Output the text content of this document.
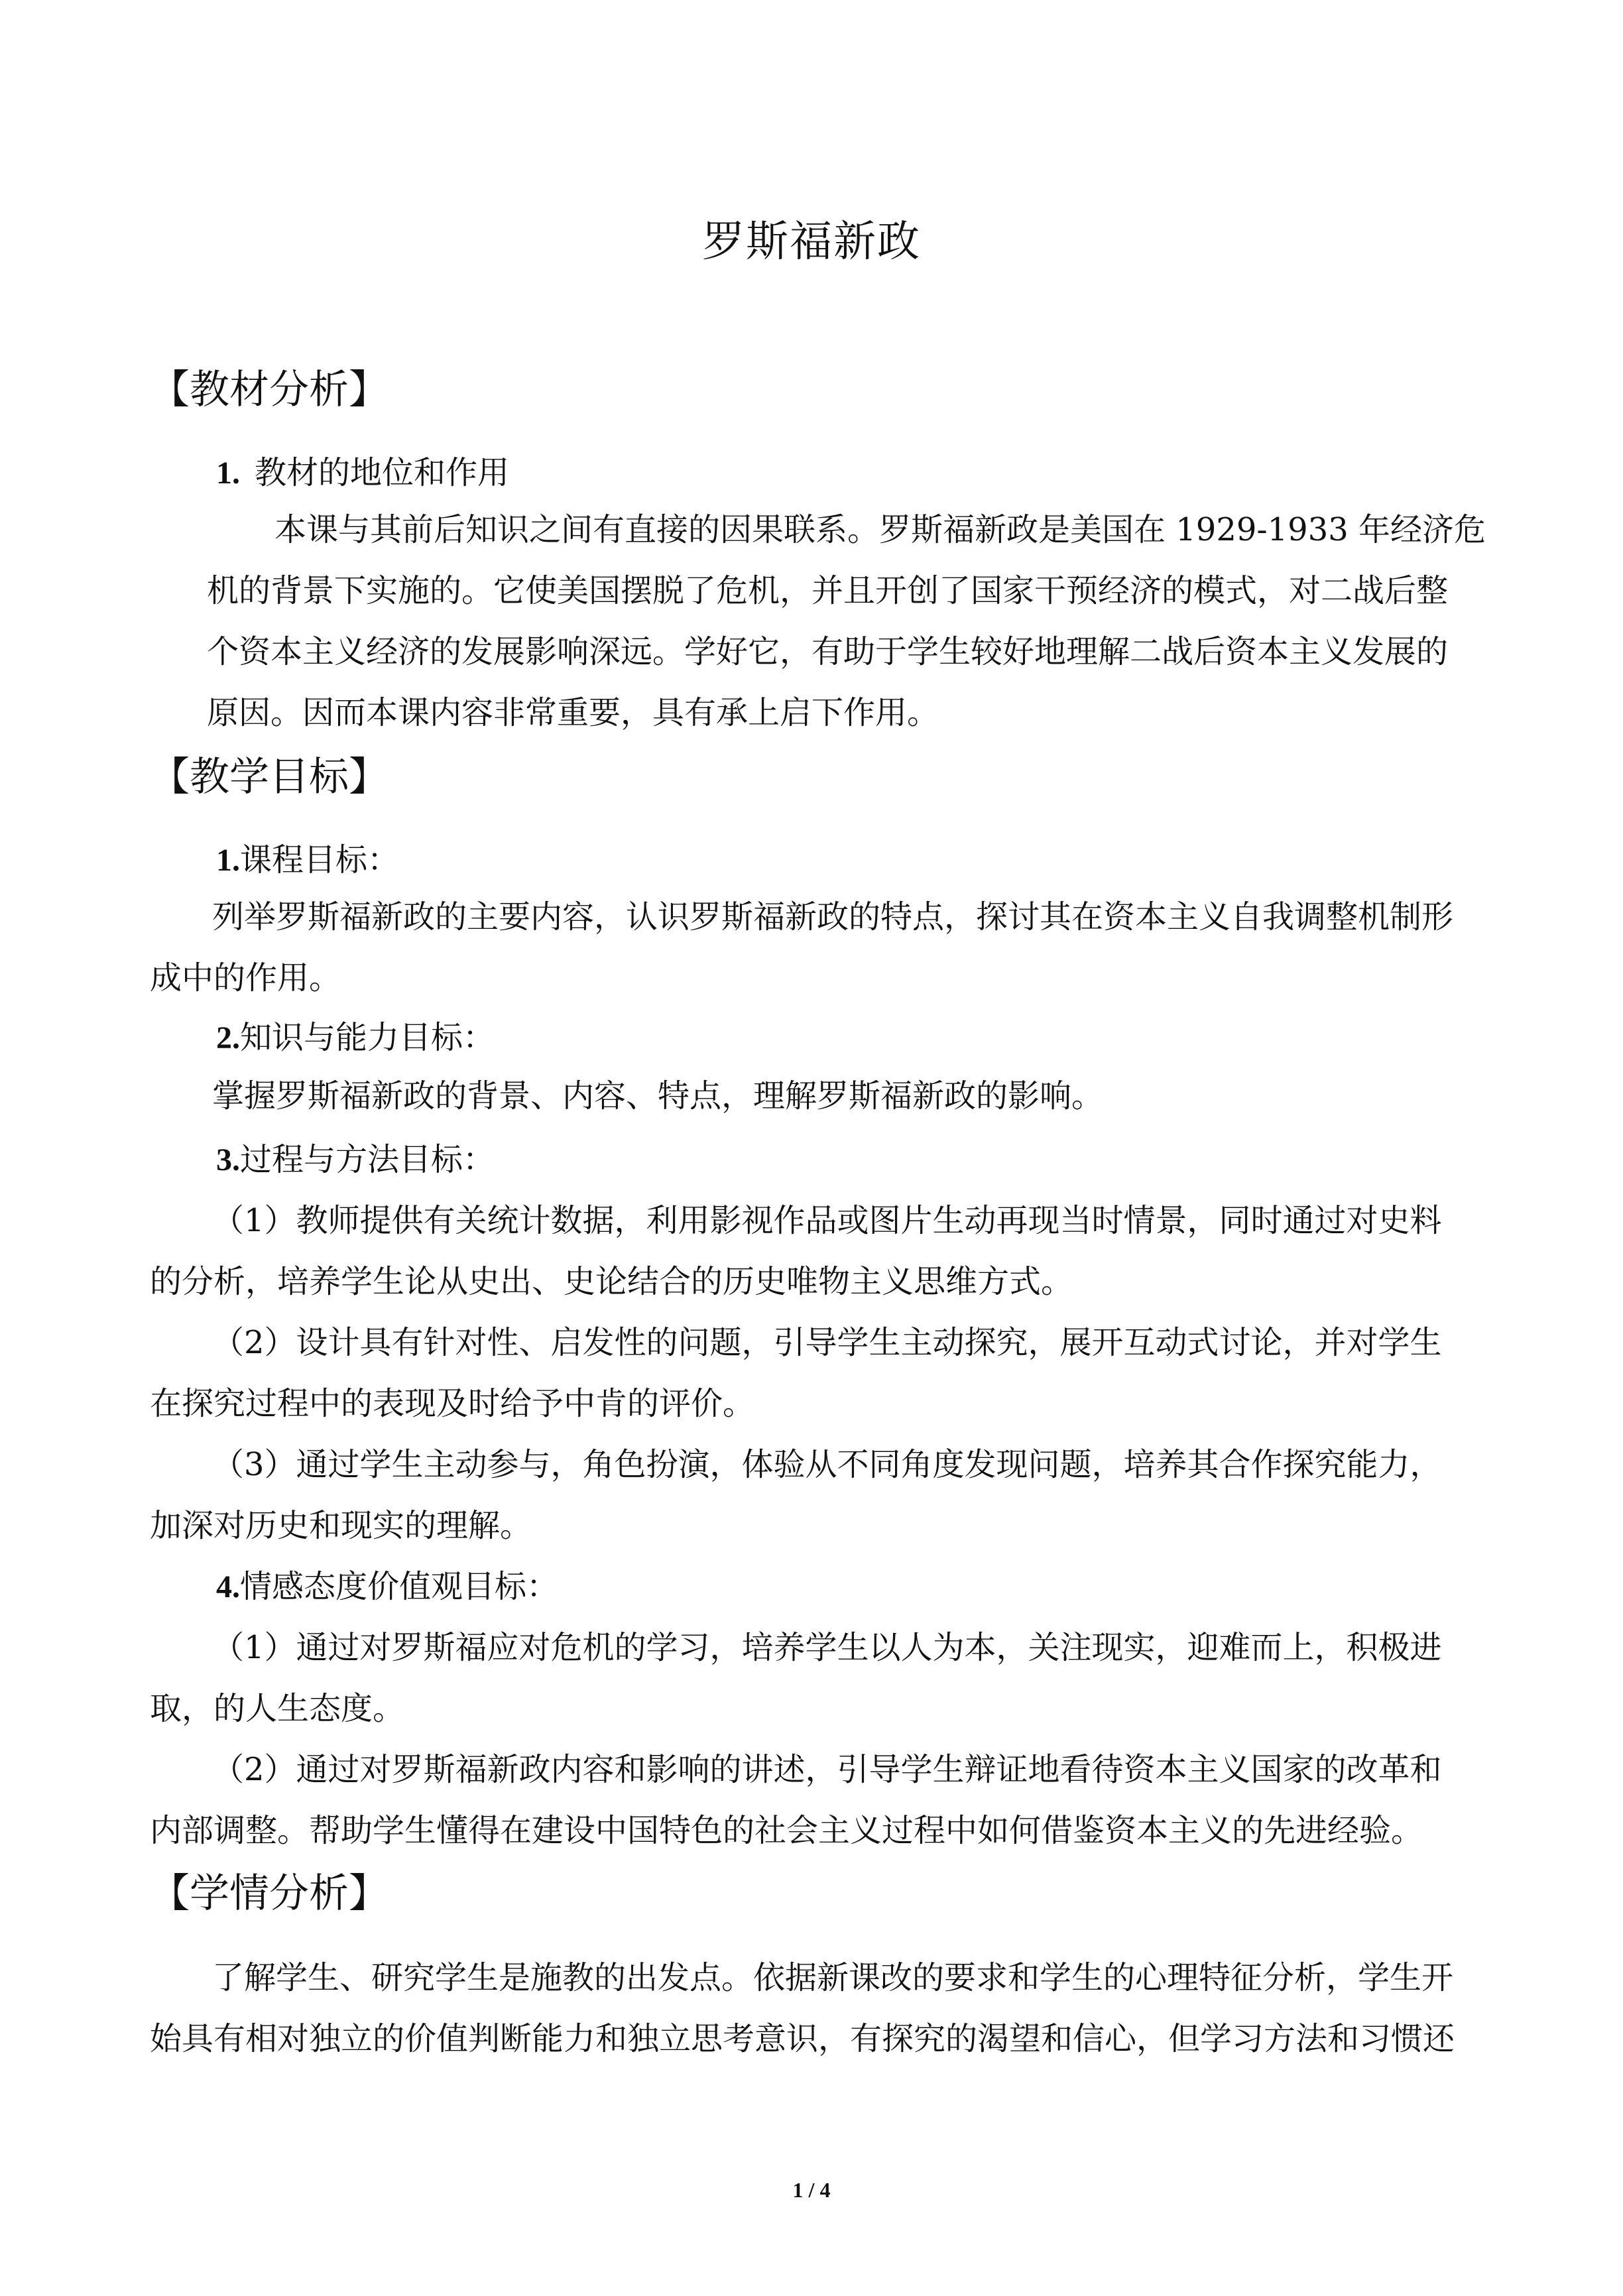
罗斯福新政
【教材分析】
1. 教材的地位和作用
本课与其前后知识之间有直接的因果联系。罗斯福新政是美国在 1929-1933 年经济危
机的背景下实施的。它使美国摆脱了危机，并且开创了国家干预经济的模式，对二战后整
个资本主义经济的发展影响深远。学好它，有助于学生较好地理解二战后资本主义发展的
原因。因而本课内容非常重要，具有承上启下作用。
【教学目标】
1.课程目标：
列举罗斯福新政的主要内容，认识罗斯福新政的特点，探讨其在资本主义自我调整机制形
成中的作用。
2.知识与能力目标：
掌握罗斯福新政的背景、内容、特点，理解罗斯福新政的影响。
3.过程与方法目标：
（1）教师提供有关统计数据，利用影视作品或图片生动再现当时情景，同时通过对史料
的分析，培养学生论从史出、史论结合的历史唯物主义思维方式。
（2）设计具有针对性、启发性的问题，引导学生主动探究，展开互动式讨论，并对学生
在探究过程中的表现及时给予中肯的评价。
（3）通过学生主动参与，角色扮演，体验从不同角度发现问题，培养其合作探究能力，
加深对历史和现实的理解。
4.情感态度价值观目标：
（1）通过对罗斯福应对危机的学习，培养学生以人为本，关注现实，迎难而上，积极进
取，的人生态度。
（2）通过对罗斯福新政内容和影响的讲述，引导学生辩证地看待资本主义国家的改革和
内部调整。帮助学生懂得在建设中国特色的社会主义过程中如何借鉴资本主义的先进经验。
【学情分析】
了解学生、研究学生是施教的出发点。依据新课改的要求和学生的心理特征分析，学生开
始具有相对独立的价值判断能力和独立思考意识，有探究的渴望和信心，但学习方法和习惯还
1 / 4
